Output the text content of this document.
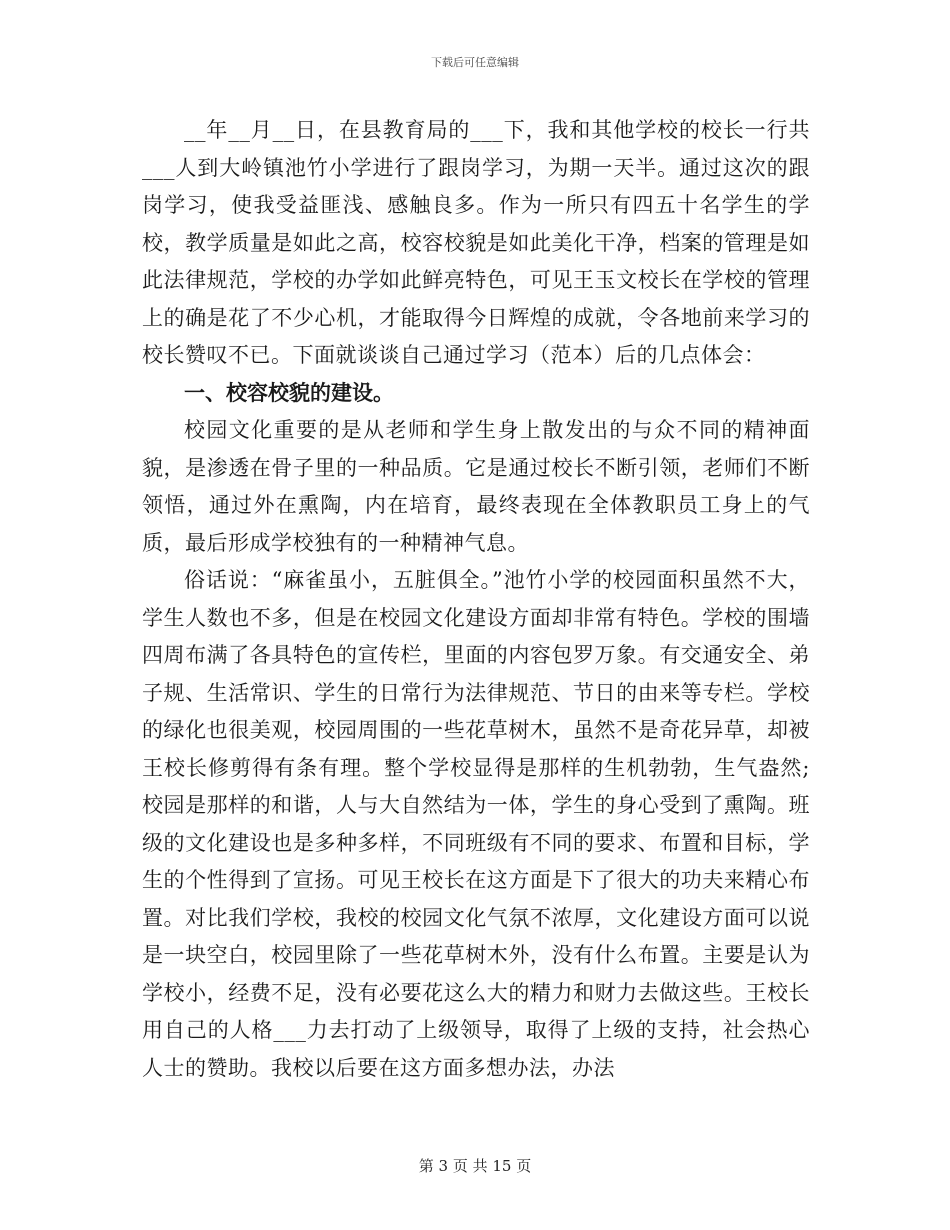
下载后可任意编辑

__年__月__日，在县教育局的___下，我和其他学校的校长一行共___人到大岭镇池竹小学进行了跟岗学习，为期一天半。通过这次的跟岗学习，使我受益匪浅、感触良多。作为一所只有四五十名学生的学校，教学质量是如此之高，校容校貌是如此美化干净，档案的管理是如此法律规范，学校的办学如此鲜亮特色，可见王玉文校长在学校的管理上的确是花了不少心机，才能取得今日辉煌的成就，令各地前来学习的校长赞叹不已。下面就谈谈自己通过学习（范本）后的几点体会：

一、校容校貌的建设。

校园文化重要的是从老师和学生身上散发出的与众不同的精神面貌，是渗透在骨子里的一种品质。它是通过校长不断引领，老师们不断领悟，通过外在熏陶，内在培育，最终表现在全体教职员工身上的气质，最后形成学校独有的一种精神气息。

俗话说：“麻雀虽小，五脏俱全。”池竹小学的校园面积虽然不大，学生人数也不多，但是在校园文化建设方面却非常有特色。学校的围墙四周布满了各具特色的宣传栏，里面的内容包罗万象。有交通安全、弟子规、生活常识、学生的日常行为法律规范、节日的由来等专栏。学校的绿化也很美观，校园周围的一些花草树木，虽然不是奇花异草，却被王校长修剪得有条有理。整个学校显得是那样的生机勃勃，生气盎然;校园是那样的和谐，人与大自然结为一体，学生的身心受到了熏陶。班级的文化建设也是多种多样，不同班级有不同的要求、布置和目标，学生的个性得到了宣扬。可见王校长在这方面是下了很大的功夫来精心布置。对比我们学校，我校的校园文化气氛不浓厚，文化建设方面可以说是一块空白，校园里除了一些花草树木外，没有什么布置。主要是认为学校小，经费不足，没有必要花这么大的精力和财力去做这些。王校长用自己的人格___力去打动了上级领导，取得了上级的支持，社会热心人士的赞助。我校以后要在这方面多想办法，办法

第 3 页 共 15 页
